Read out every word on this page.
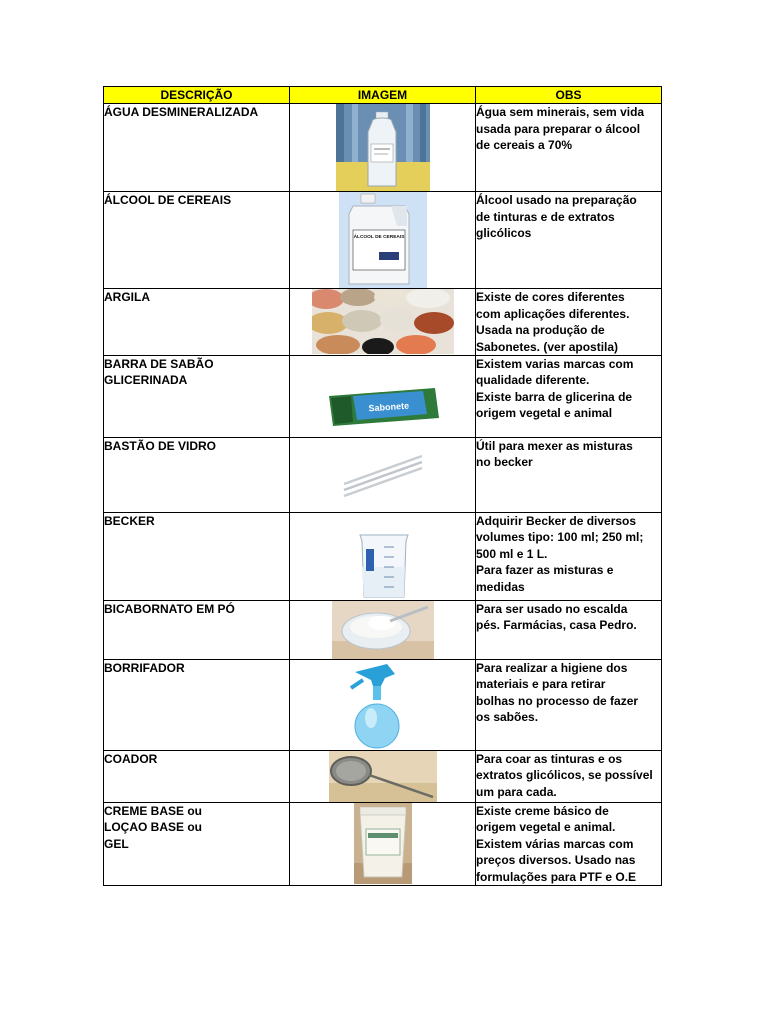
DESCRIÇÃO	IMAGEM	OBS

ÁGUA DESMINERALIZADA		Água sem minerais, sem vida
usada para preparar o álcool
de cereais a 70%

ÁLCOOL DE CEREAIS	ÁLCOOL DE CEREAIS	Álcool usado na preparação
de tinturas e de extratos
glicólicos

ARGILA		Existe de cores diferentes
com aplicações diferentes.
Usada na produção de
Sabonetes. (ver apostila)

BARRA DE SABÃO
GLICERINADA	Sabonete	Existem varias marcas com
qualidade diferente.
Existe barra de glicerina de
origem vegetal e animal

BASTÃO DE VIDRO		Útil para mexer as misturas
no becker

BECKER		Adquirir Becker de diversos
volumes tipo: 100 ml; 250 ml;
500 ml e 1 L.
Para fazer as misturas e
medidas

BICABORNATO EM PÓ		Para ser usado no escalda
pés. Farmácias, casa Pedro.

BORRIFADOR		Para realizar a higiene dos
materiais e para retirar
bolhas no processo de fazer
os sabões.

COADOR		Para coar as tinturas e os
extratos glicólicos, se possível
um para cada.

CREME BASE ou
LOÇAO BASE ou
GEL		Existe creme básico de
origem vegetal e animal.
Existem várias marcas com
preços diversos. Usado nas
formulações para PTF e O.E
